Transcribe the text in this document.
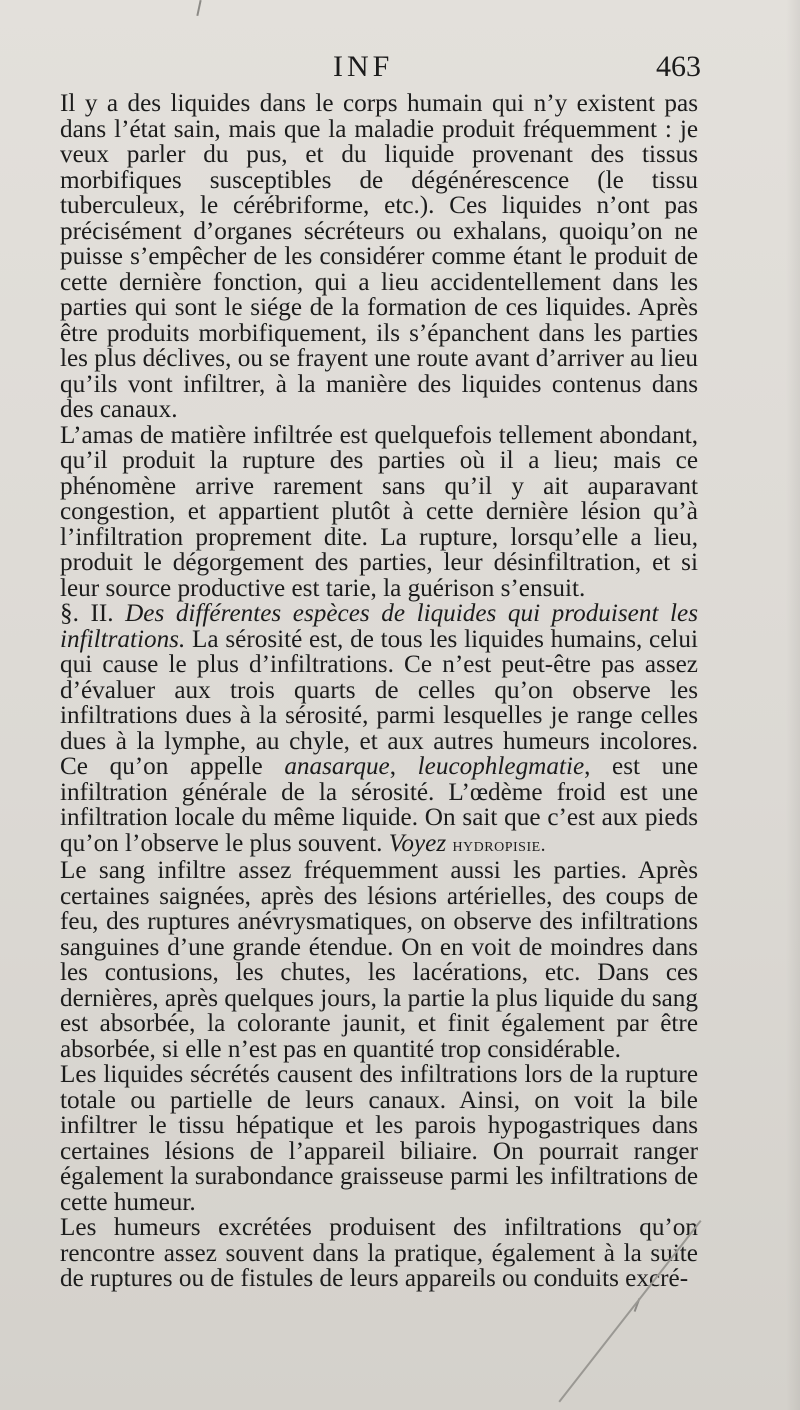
INF	463

Il y a des liquides dans le corps humain qui n’y existent pas dans l’état sain, mais que la maladie produit fréquemment : je veux parler du pus, et du liquide provenant des tissus morbifiques susceptibles de dégénérescence (le tissu tuberculeux, le cérébriforme, etc.). Ces liquides n’ont pas précisément d’organes sécréteurs ou exhalans, quoiqu’on ne puisse s’empêcher de les considérer comme étant le produit de cette dernière fonction, qui a lieu accidentellement dans les parties qui sont le siége de la formation de ces liquides. Après être produits morbifiquement, ils s’épanchent dans les parties les plus déclives, ou se frayent une route avant d’arriver au lieu qu’ils vont infiltrer, à la manière des liquides contenus dans des canaux.

L’amas de matière infiltrée est quelquefois tellement abondant, qu’il produit la rupture des parties où il a lieu; mais ce phénomène arrive rarement sans qu’il y ait auparavant congestion, et appartient plutôt à cette dernière lésion qu’à l’infiltration proprement dite. La rupture, lorsqu’elle a lieu, produit le dégorgement des parties, leur désinfiltration, et si leur source productive est tarie, la guérison s’ensuit.

§. II. Des différentes espèces de liquides qui produisent les infiltrations. La sérosité est, de tous les liquides humains, celui qui cause le plus d’infiltrations. Ce n’est peut-être pas assez d’évaluer aux trois quarts de celles qu’on observe les infiltrations dues à la sérosité, parmi lesquelles je range celles dues à la lymphe, au chyle, et aux autres humeurs incolores. Ce qu’on appelle anasarque, leucophlegmatie, est une infiltration générale de la sérosité. L’œdème froid est une infiltration locale du même liquide. On sait que c’est aux pieds qu’on l’observe le plus souvent. Voyez hydropisie.

Le sang infiltre assez fréquemment aussi les parties. Après certaines saignées, après des lésions artérielles, des coups de feu, des ruptures anévrysmatiques, on observe des infiltrations sanguines d’une grande étendue. On en voit de moindres dans les contusions, les chutes, les lacérations, etc. Dans ces dernières, après quelques jours, la partie la plus liquide du sang est absorbée, la colorante jaunit, et finit également par être absorbée, si elle n’est pas en quantité trop considérable.

Les liquides sécrétés causent des infiltrations lors de la rupture totale ou partielle de leurs canaux. Ainsi, on voit la bile infiltrer le tissu hépatique et les parois hypogastriques dans certaines lésions de l’appareil biliaire. On pourrait ranger également la surabondance graisseuse parmi les infiltrations de cette humeur.

Les humeurs excrétées produisent des infiltrations qu’on rencontre assez souvent dans la pratique, également à la suite de ruptures ou de fistules de leurs appareils ou conduits excré-
